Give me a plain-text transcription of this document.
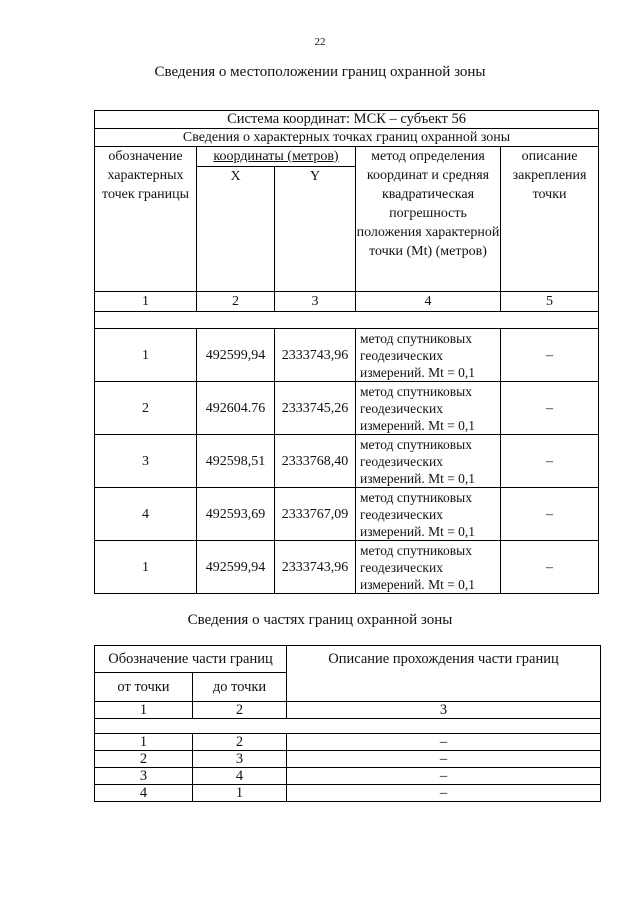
22
Сведения о местоположении границ охранной зоны
Система координат: МСК – субъект 56				
Сведения о характерных точках границ охранной зоны				
обозначение характерных точек границы	координаты (метров)		метод определения координат и средняя квадратическая погрешность положения характерной точки (Mt) (метров)	описание закрепления точки
	X	Y		
1	2	3	4	5

1	492599,94	2333743,96	метод спутниковых геодезических измерений. Mt = 0,1	–
2	492604.76	2333745,26	метод спутниковых геодезических измерений. Mt = 0,1	–
3	492598,51	2333768,40	метод спутниковых геодезических измерений. Mt = 0,1	–
4	492593,69	2333767,09	метод спутниковых геодезических измерений. Mt = 0,1	–
1	492599,94	2333743,96	метод спутниковых геодезических измерений. Mt = 0,1	–
Сведения о частях границ охранной зоны
Обозначение части границ		Описание прохождения части границ
от точки	до точки	
1	2	3

1	2	–
2	3	–
3	4	–
4	1	–
